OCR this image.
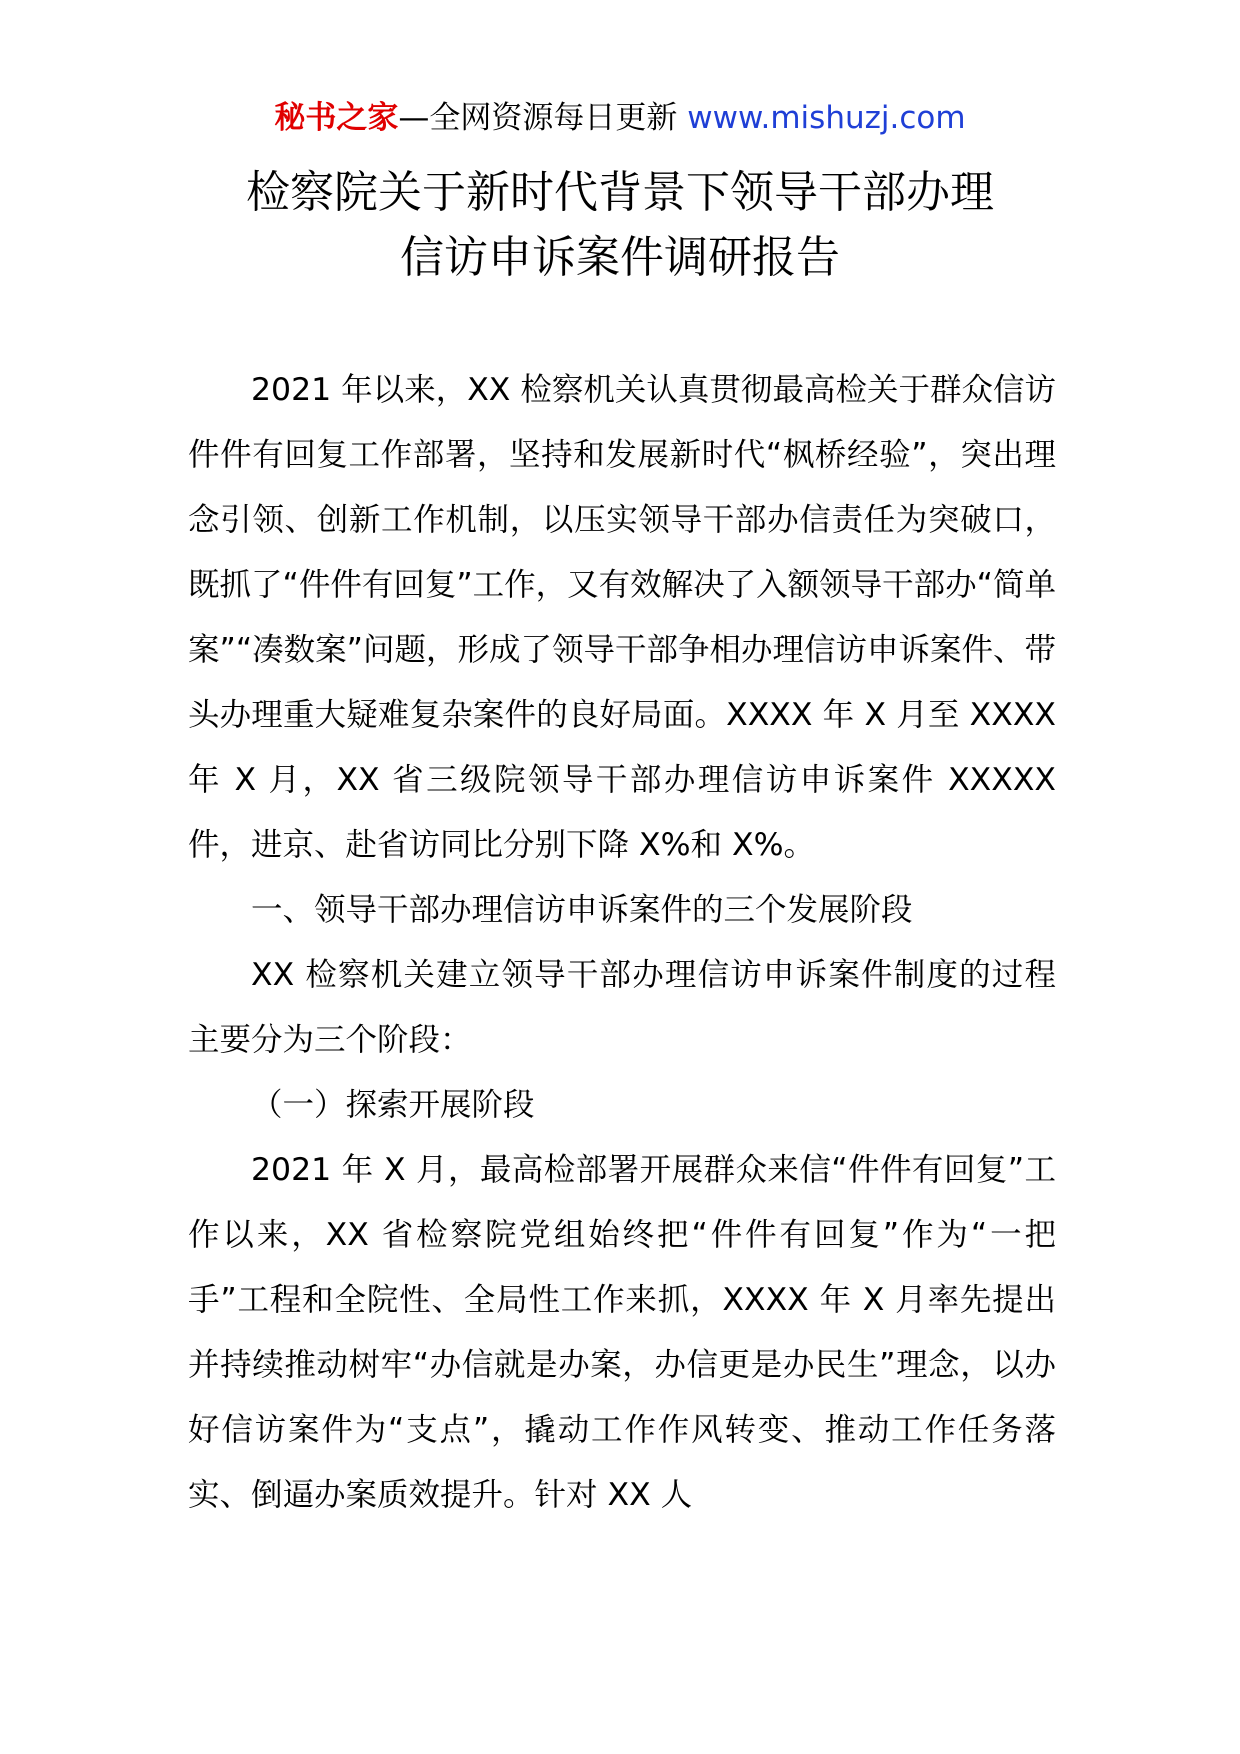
秘书之家—全网资源每日更新 www.mishuzj.com
检察院关于新时代背景下领导干部办理
信访申诉案件调研报告

2021 年以来，XX 检察机关认真贯彻最高检关于群众信访件件有回复工作部署，坚持和发展新时代“枫桥经验”，突出理念引领、创新工作机制，以压实领导干部办信责任为突破口，既抓了“件件有回复”工作，又有效解决了入额领导干部办“简单案”“凑数案”问题，形成了领导干部争相办理信访申诉案件、带头办理重大疑难复杂案件的良好局面。XXXX 年 X 月至 XXXX 年 X 月，XX 省三级院领导干部办理信访申诉案件 XXXXX 件，进京、赴省访同比分别下降 X%和 X%。

一、领导干部办理信访申诉案件的三个发展阶段

XX 检察机关建立领导干部办理信访申诉案件制度的过程主要分为三个阶段：

（一）探索开展阶段

2021 年 X 月，最高检部署开展群众来信“件件有回复”工作以来，XX 省检察院党组始终把“件件有回复”作为“一把手”工程和全院性、全局性工作来抓，XXXX 年 X 月率先提出并持续推动树牢“办信就是办案，办信更是办民生”理念，以办好信访案件为“支点”，撬动工作作风转变、推动工作任务落实、倒逼办案质效提升。针对 XX 人
